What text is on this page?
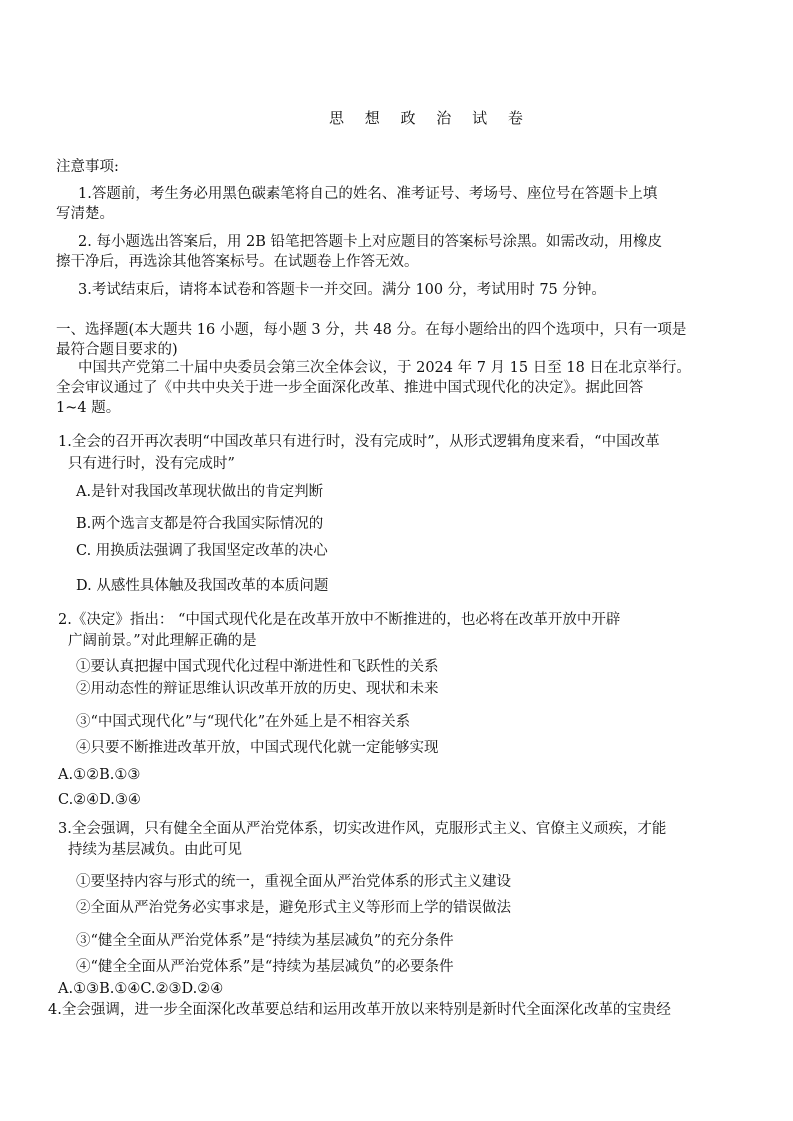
思 想 政 治 试 卷
注意事项:
1.答题前，考生务必用黑色碳素笔将自己的姓名、准考证号、考场号、座位号在答题卡上填
写清楚。
2. 每小题选出答案后，用 2B 铅笔把答题卡上对应题目的答案标号涂黑。如需改动，用橡皮
擦干净后，再选涂其他答案标号。在试题卷上作答无效。
3.考试结束后，请将本试卷和答题卡一并交回。满分 100 分，考试用时 75 分钟。
一、选择题(本大题共 16 小题，每小题 3 分，共 48 分。在每小题给出的四个选项中，只有一项是
最符合题目要求的)
中国共产党第二十届中央委员会第三次全体会议，于 2024 年 7 月 15 日至 18 日在北京举行。
全会审议通过了《中共中央关于进一步全面深化改革、推进中国式现代化的决定》。据此回答
1~4 题。
1.全会的召开再次表明“中国改革只有进行时，没有完成时”，从形式逻辑角度来看，“中国改革
只有进行时，没有完成时”
A.是针对我国改革现状做出的肯定判断
B.两个选言支都是符合我国实际情况的
C. 用换质法强调了我国坚定改革的决心
D. 从感性具体触及我国改革的本质问题
2.《决定》指出： “中国式现代化是在改革开放中不断推进的，也必将在改革开放中开辟
广阔前景。”对此理解正确的是
①要认真把握中国式现代化过程中渐进性和飞跃性的关系
②用动态性的辩证思维认识改革开放的历史、现状和未来
③“中国式现代化”与“现代化”在外延上是不相容关系
④只要不断推进改革开放，中国式现代化就一定能够实现
A.①②B.①③
C.②④D.③④
3.全会强调，只有健全全面从严治党体系，切实改进作风，克服形式主义、官僚主义顽疾，才能
持续为基层减负。由此可见
①要坚持内容与形式的统一，重视全面从严治党体系的形式主义建设
②全面从严治党务必实事求是，避免形式主义等形而上学的错误做法
③“健全全面从严治党体系”是“持续为基层减负”的充分条件
④“健全全面从严治党体系”是“持续为基层减负”的必要条件
A.①③B.①④C.②③D.②④
4.全会强调，进一步全面深化改革要总结和运用改革开放以来特别是新时代全面深化改革的宝贵经
